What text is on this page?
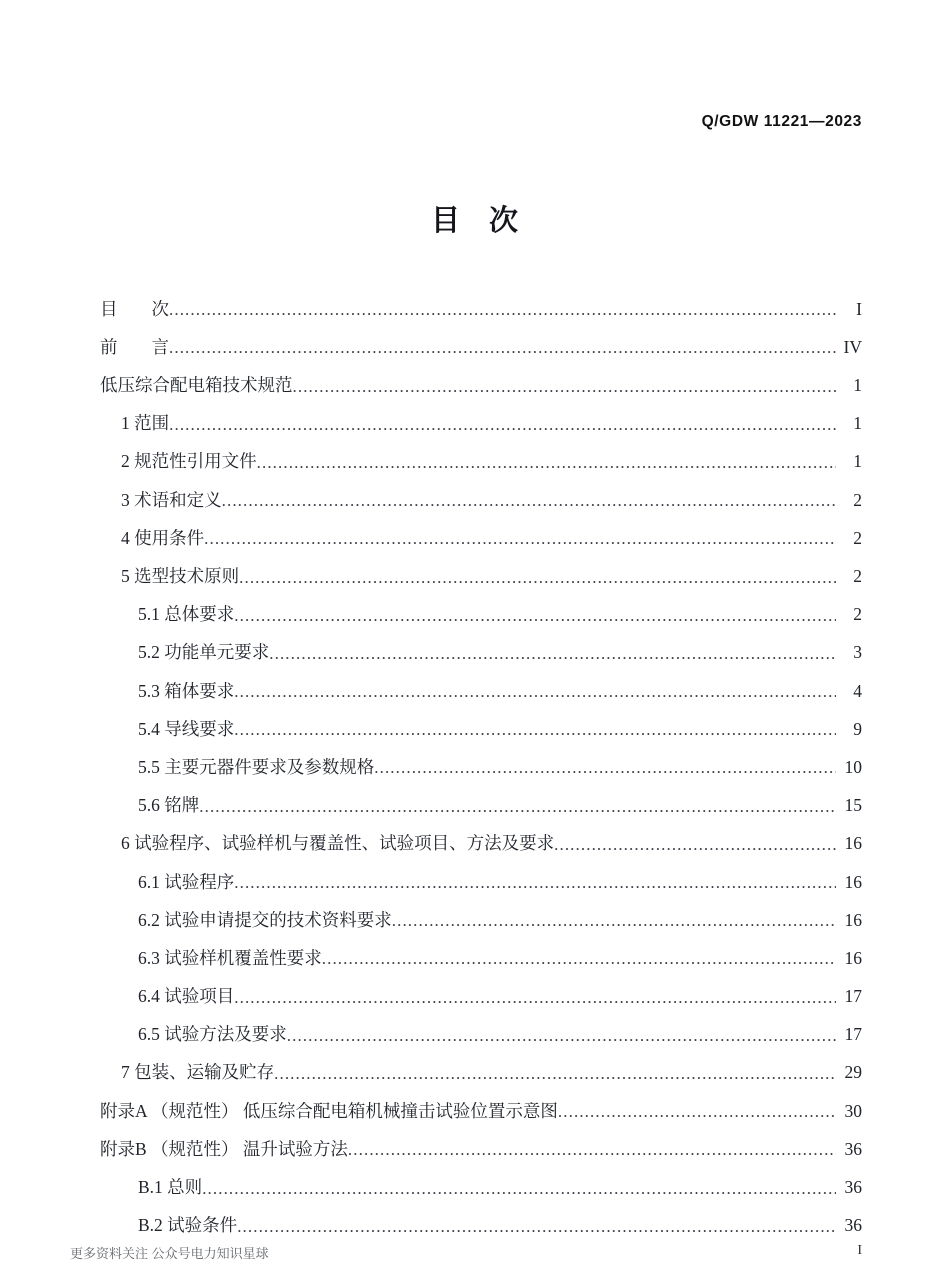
Q/GDW 11221—2023
目 次
目 次 .....	I
前 言 .....	IV
低压综合配电箱技术规范 .....	1
1 范围 .....	1
2 规范性引用文件 .....	1
3 术语和定义 .....	2
4 使用条件 .....	2
5 选型技术原则 .....	2
5.1 总体要求 .....	2
5.2 功能单元要求 .....	3
5.3 箱体要求 .....	4
5.4 导线要求 .....	9
5.5 主要元器件要求及参数规格 .....	10
5.6 铭牌 .....	15
6 试验程序、试验样机与覆盖性、试验项目、方法及要求 .....	16
6.1 试验程序 .....	16
6.2 试验申请提交的技术资料要求 .....	16
6.3 试验样机覆盖性要求 .....	16
6.4 试验项目 .....	17
6.5 试验方法及要求 .....	17
7 包装、运输及贮存 .....	29
附录A （规范性） 低压综合配电箱机械撞击试验位置示意图 .....	30
附录B （规范性） 温升试验方法 .....	36
B.1 总则 .....	36
B.2 试验条件 .....	36
更多资料关注 公众号电力知识星球	I
